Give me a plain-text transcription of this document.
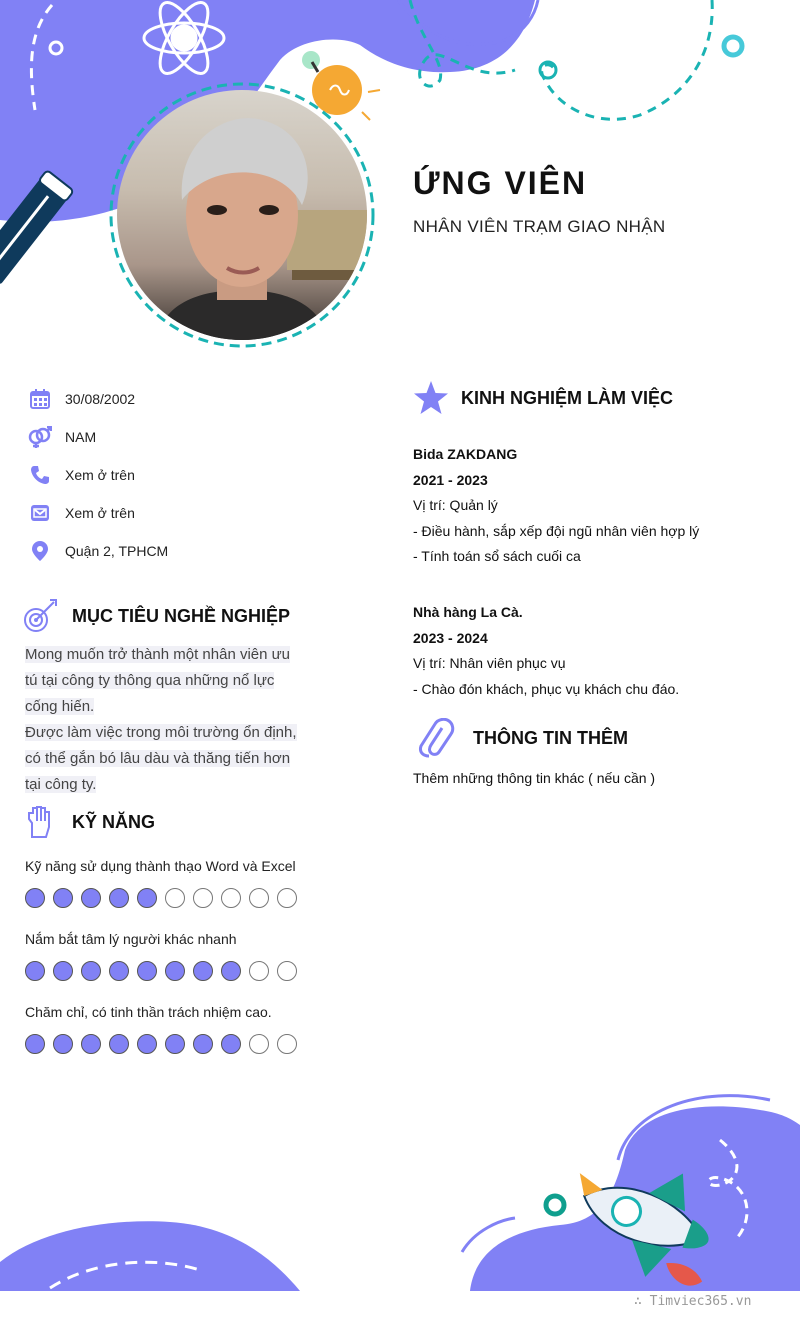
ỨNG VIÊN
NHÂN VIÊN TRẠM GIAO NHẬN
30/08/2002
NAM
Xem ở trên
Xem ở trên
Quận 2, TPHCM
MỤC TIÊU NGHỀ NGHIỆP
Mong muốn trở thành một nhân viên ưu
tú tại công ty thông qua những nổ lực
cống hiến.
Được làm việc trong môi trường ổn định,
có thể gắn bó lâu dàu và thăng tiến hơn
tại công ty.
KỸ NĂNG
Kỹ năng sử dụng thành thạo Word và Excel
Nắm bắt tâm lý người khác nhanh
Chăm chỉ, có tinh thần trách nhiệm cao.
KINH NGHIỆM LÀM VIỆC
Bida ZAKDANG
2021 - 2023
Vị trí: Quản lý
- Điều hành, sắp xếp đội ngũ nhân viên hợp lý
- Tính toán sổ sách cuối ca
Nhà hàng La Cà.
2023 - 2024
Vị trí: Nhân viên phục vụ
- Chào đón khách, phục vụ khách chu đáo.
THÔNG TIN THÊM
Thêm những thông tin khác ( nếu cần )
∴ Timviec365.vn
